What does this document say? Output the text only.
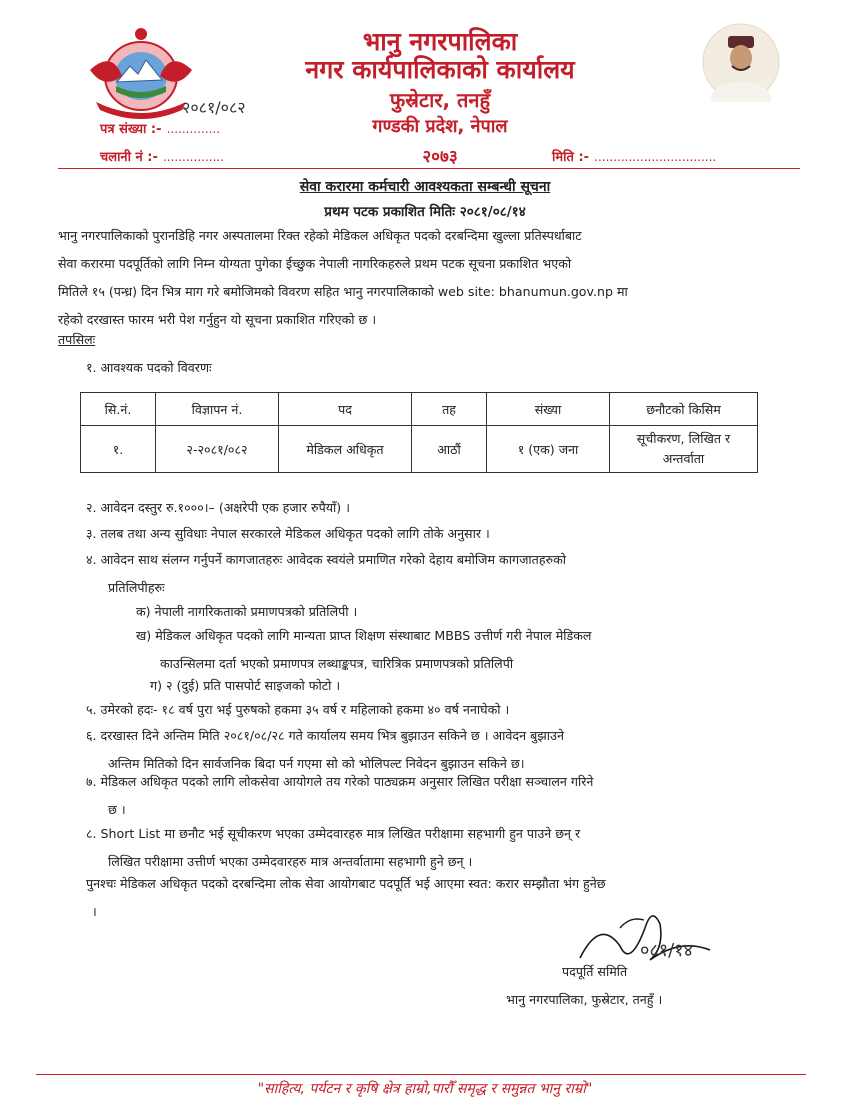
भानु नगरपालिका
नगर कार्यपालिकाको कार्यालय
फुस्रेटार, तनहुँ
गण्डकी प्रदेश, नेपाल
२०७३
२०८१/०८२
पत्र संख्या :- ..............
चलानी नं :- ................	मिति :- ................................
सेवा करारमा कर्मचारी आवश्यकता सम्बन्धी सूचना
प्रथम पटक प्रकाशित मितिः २०८१/०८/१४
भानु नगरपालिकाको पुरानडिहि नगर अस्पतालमा रिक्त रहेको मेडिकल अधिकृत पदको दरबन्दिमा खुल्ला प्रतिस्पर्धाबाट
सेवा करारमा पदपूर्तिको लागि निम्न योग्यता पुगेका ईच्छुक नेपाली नागरिकहरुले प्रथम पटक सूचना प्रकाशित भएको
मितिले १५ (पन्ध्र) दिन भित्र माग गरे बमोजिमको विवरण सहित भानु नगरपालिकाको web site: bhanumun.gov.np मा
रहेको दरखास्त फारम भरी पेश गर्नुहुन यो सूचना प्रकाशित गरिएको छ ।
तपसिलः
१. आवश्यक पदको विवरणः
सि.नं.	विज्ञापन नं.	पद	तह	संख्या	छनौटको किसिम
१.	२-२०८१/०८२	मेडिकल अधिकृत	आठौं	१ (एक) जना	सूचीकरण, लिखित र
अन्तर्वाता
२. आवेदन दस्तुर रु.१०००।– (अक्षरेपी एक हजार रुपैयाँ) ।
३. तलब तथा अन्य सुविधाः नेपाल सरकारले मेडिकल अधिकृत पदको लागि तोके अनुसार ।
४. आवेदन साथ संलग्न गर्नुपर्ने कागजातहरुः आवेदक स्वयंले प्रमाणित गरेको देहाय बमोजिम कागजातहरुको
प्रतिलिपीहरुः
क) नेपाली नागरिकताको प्रमाणपत्रको प्रतिलिपी ।
ख) मेडिकल अधिकृत पदको लागि मान्यता प्राप्त शिक्षण संस्थाबाट MBBS उत्तीर्ण गरी नेपाल मेडिकल
काउन्सिलमा दर्ता भएको प्रमाणपत्र लब्धाङ्कपत्र, चारित्रिक प्रमाणपत्रको प्रतिलिपी
ग) २ (दुई) प्रति पासपोर्ट साइजको फोटो ।
५. उमेरको हदः- १८ वर्ष पुरा भई पुरुषको हकमा ३५ वर्ष र महिलाको हकमा ४० वर्ष ननाघेको ।
६. दरखास्त दिने अन्तिम मिति २०८१/०८/२८ गते कार्यालय समय भित्र बुझाउन सकिने छ । आवेदन बुझाउने
अन्तिम मितिको दिन सार्वजनिक बिदा पर्न गएमा सो को भोलिपल्ट निवेदन बुझाउन सकिने छ।
७. मेडिकल अधिकृत पदको लागि लोकसेवा आयोगले तय गरेको पाठ्यक्रम अनुसार लिखित परीक्षा सञ्चालन गरिने
छ ।
८. Short List मा छनौट भई सूचीकरण भएका उम्मेदवारहरु मात्र लिखित परीक्षामा सहभागी हुन पाउने छन् र
लिखित परीक्षामा उत्तीर्ण भएका उम्मेदवारहरु मात्र अन्तर्वातामा सहभागी हुने छन् ।
पुनश्चः मेडिकल अधिकृत पदको दरबन्दिमा लोक सेवा आयोगबाट पदपूर्ति भई आएमा स्वत: करार सम्झौता भंग हुनेछ
।
०८१/१४
पदपूर्ति समिति
भानु नगरपालिका, फुस्रेटार, तनहुँ ।
"साहित्य, पर्यटन र कृषि क्षेत्र हाम्रो,पारौँ समृद्ध र समुन्नत भानु राम्रो"
